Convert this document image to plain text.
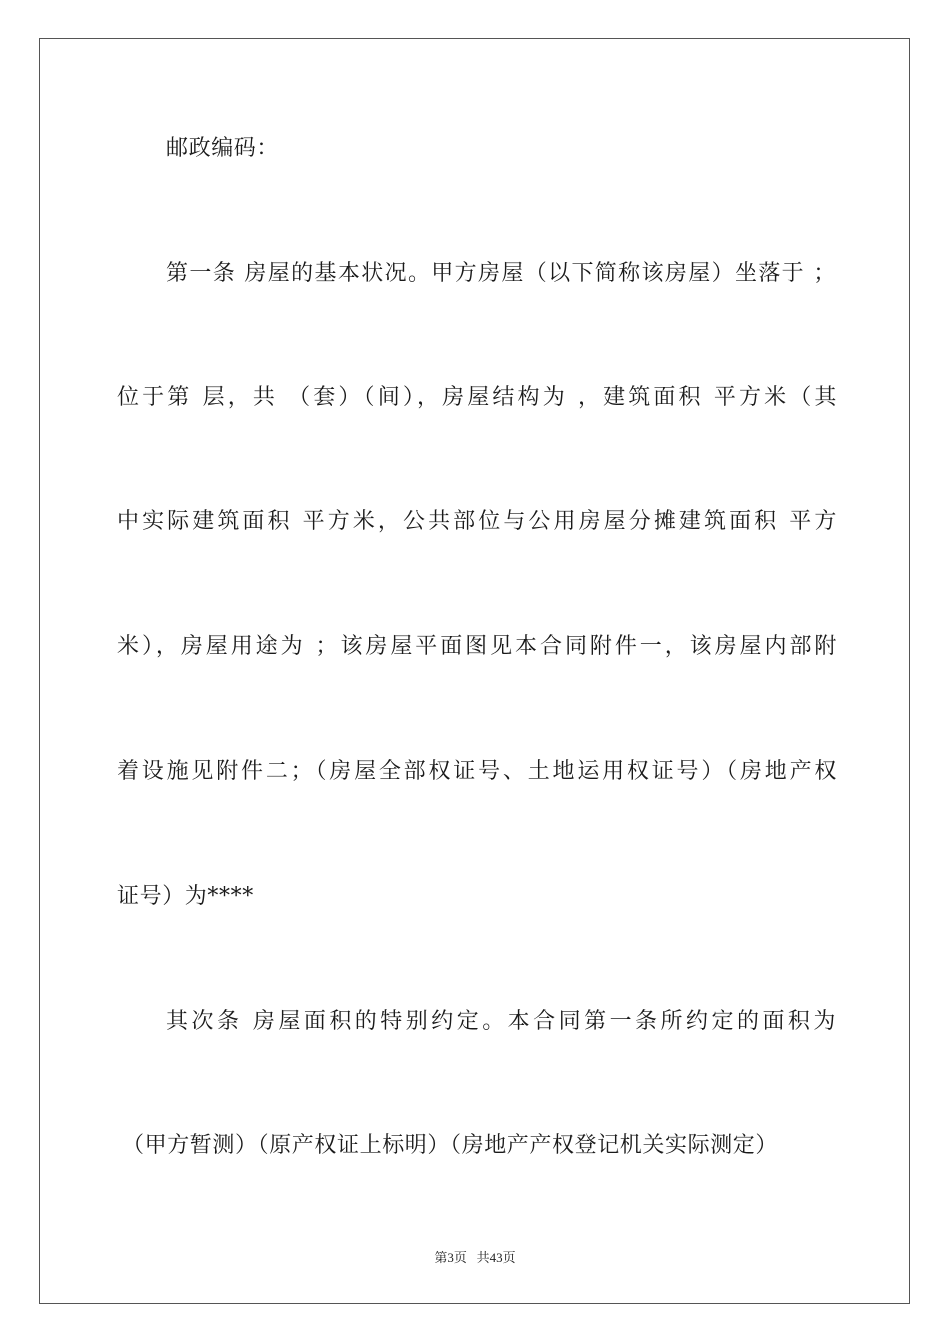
邮政编码：
第一条 房屋的基本状况。甲方房屋（以下简称该房屋）坐落于 ；
位于第 层，共 （套）（间），房屋结构为 ，建筑面积 平方米（其
中实际建筑面积 平方米，公共部位与公用房屋分摊建筑面积 平方
米），房屋用途为 ；该房屋平面图见本合同附件一，该房屋内部附
着设施见附件二；（房屋全部权证号、土地运用权证号）（房地产权
证号）为****
其次条 房屋面积的特别约定。本合同第一条所约定的面积为
（甲方暂测）（原产权证上标明）（房地产产权登记机关实际测定）
第3页   共43页
